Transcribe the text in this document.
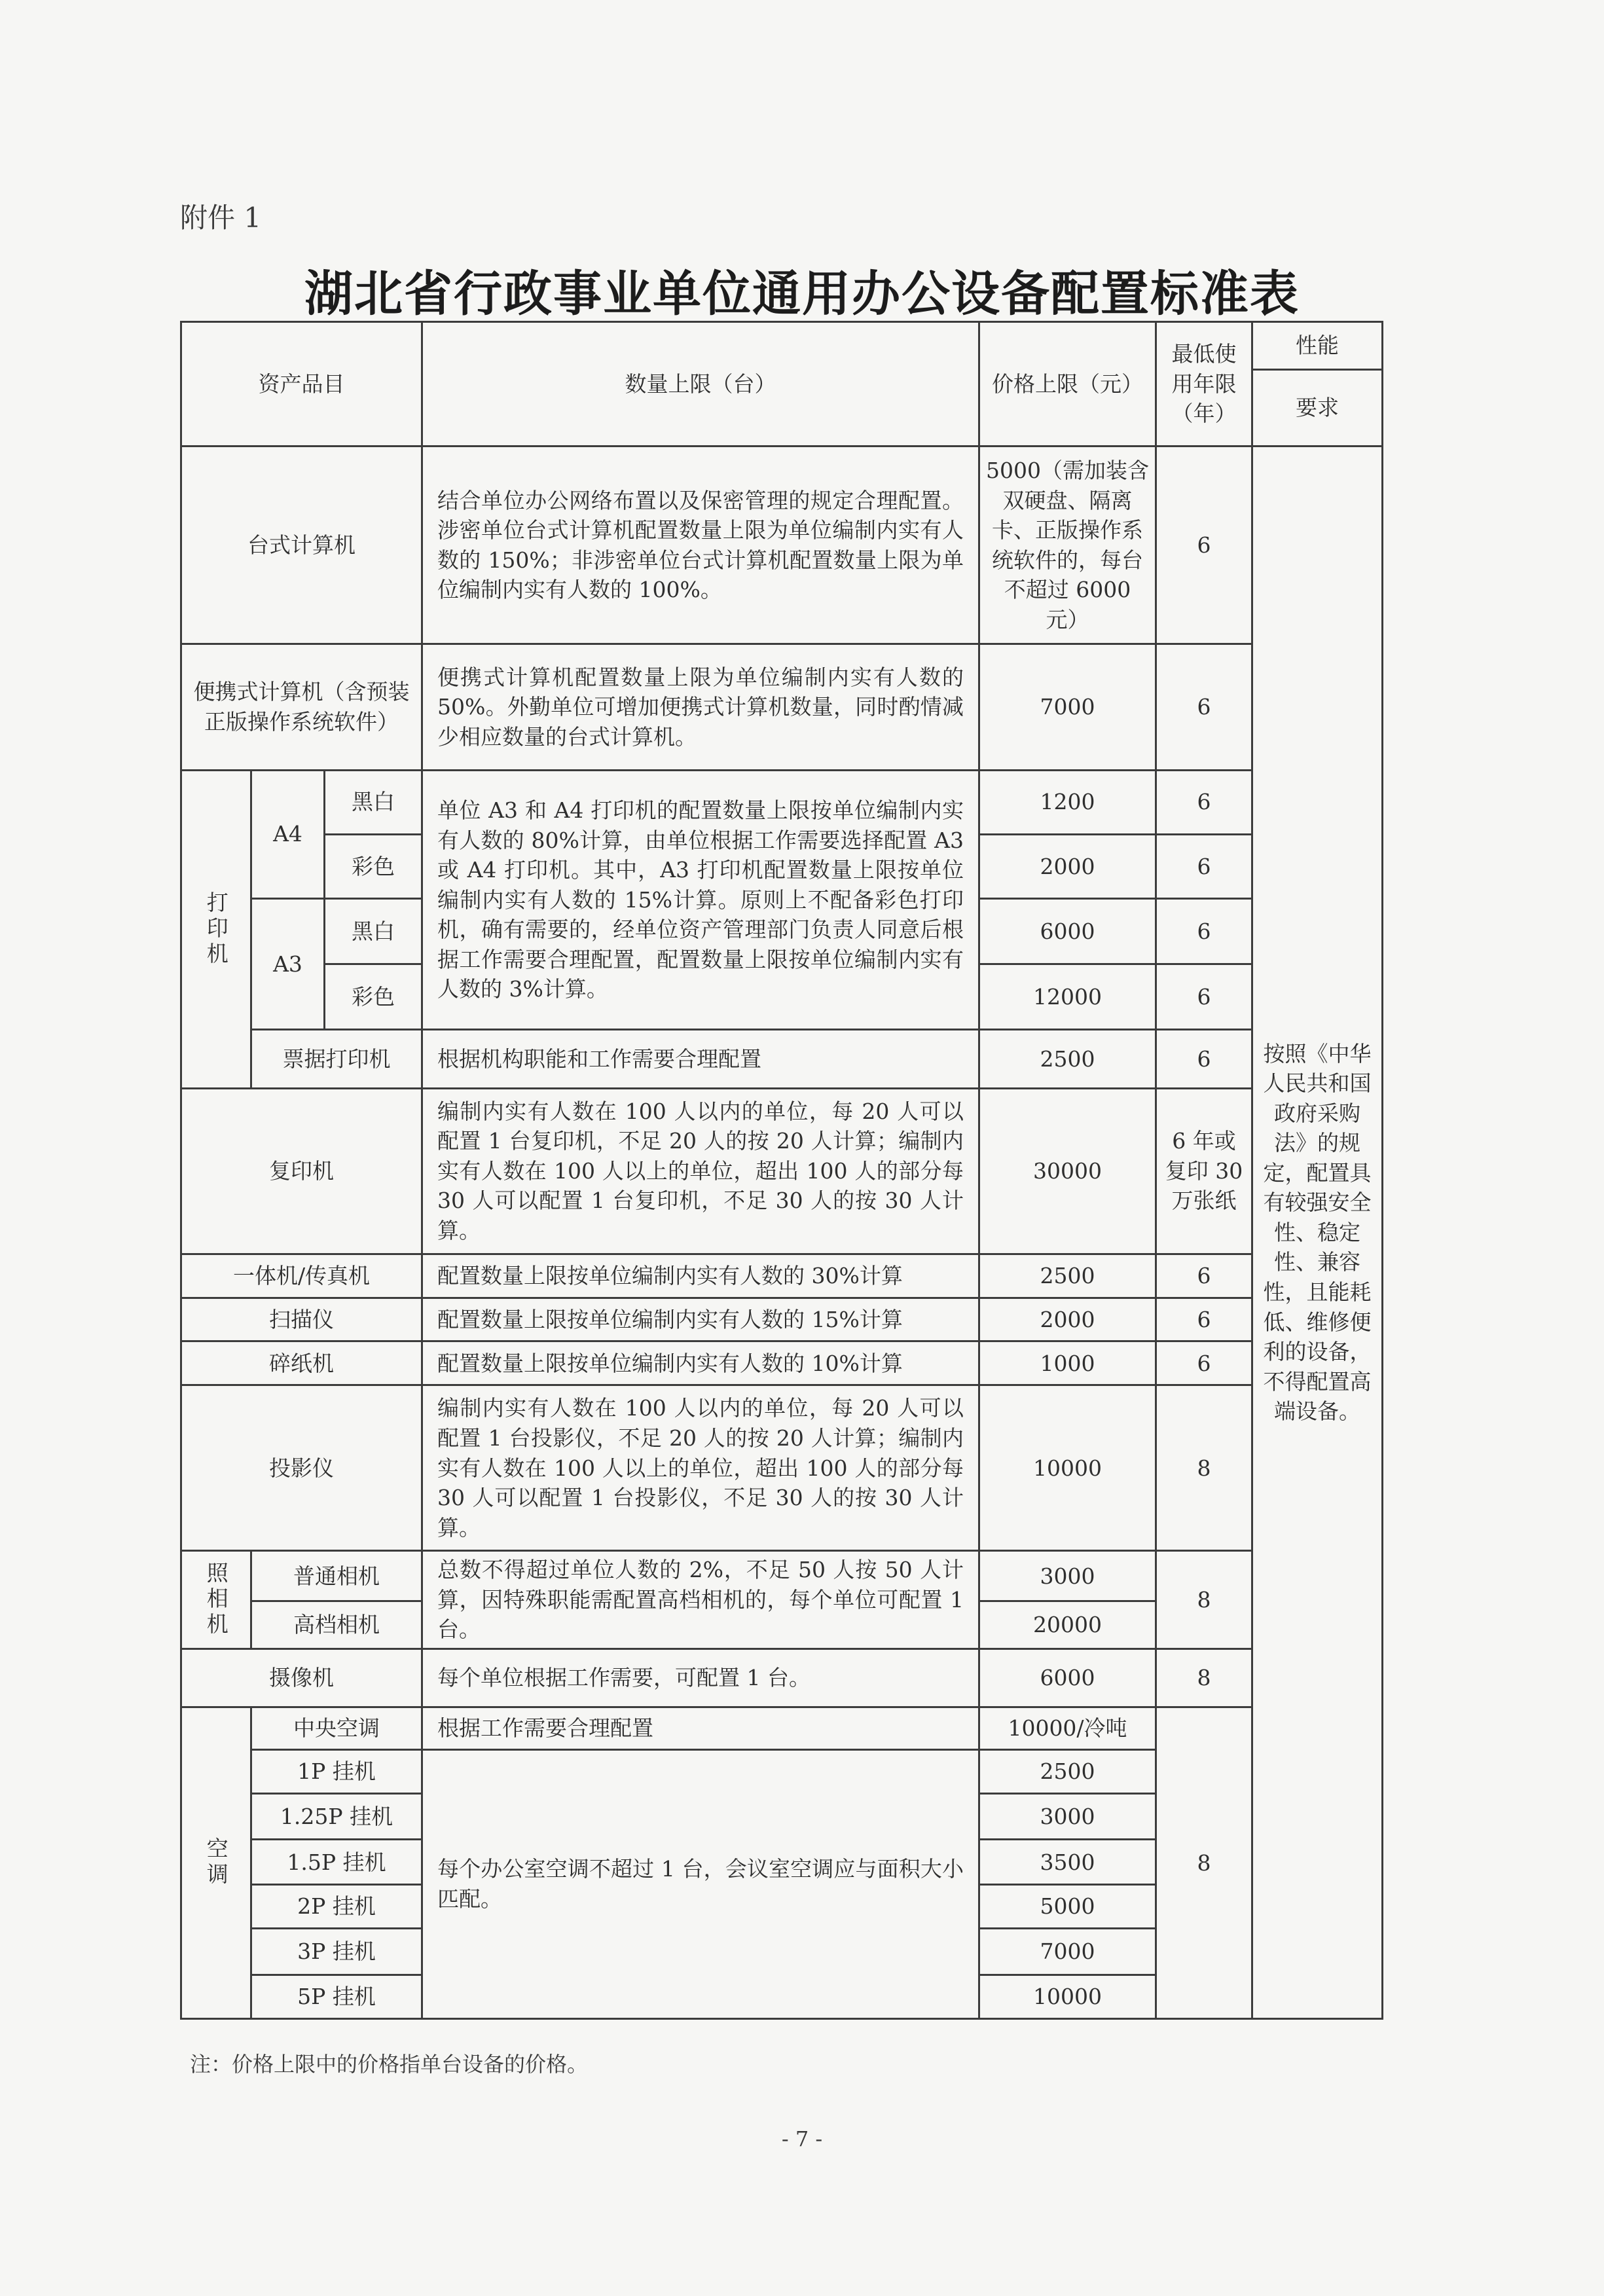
附件 1
湖北省行政事业单位通用办公设备配置标准表
资产品目			数量上限（台）	价格上限（元）	最低使用年限（年）	性能
						要求
台式计算机			结合单位办公网络布置以及保密管理的规定合理配置。涉密单位台式计算机配置数量上限为单位编制内实有人数的 150%；非涉密单位台式计算机配置数量上限为单位编制内实有人数的 100%。	5000（需加装含双硬盘、隔离卡、正版操作系统软件的，每台不超过 6000 元）	6	按照《中华人民共和国政府采购法》的规定，配置具有较强安全性、稳定性、兼容性，且能耗低、维修便利的设备，不得配置高端设备。
便携式计算机（含预装正版操作系统软件）			便携式计算机配置数量上限为单位编制内实有人数的 50%。外勤单位可增加便携式计算机数量，同时酌情减少相应数量的台式计算机。	7000	6	
打印机	A4	黑白	单位 A3 和 A4 打印机的配置数量上限按单位编制内实有人数的 80%计算，由单位根据工作需要选择配置 A3 或 A4 打印机。其中，A3 打印机配置数量上限按单位编制内实有人数的 15%计算。原则上不配备彩色打印机，确有需要的，经单位资产管理部门负责人同意后根据工作需要合理配置，配置数量上限按单位编制内实有人数的 3%计算。	1200	6	
		彩色		2000	6	
	A3	黑白		6000	6	
		彩色		12000	6	
	票据打印机		根据机构职能和工作需要合理配置	2500	6	
复印机			编制内实有人数在 100 人以内的单位，每 20 人可以配置 1 台复印机，不足 20 人的按 20 人计算；编制内实有人数在 100 人以上的单位，超出 100 人的部分每 30 人可以配置 1 台复印机，不足 30 人的按 30 人计算。	30000	6 年或复印 30 万张纸	
一体机/传真机			配置数量上限按单位编制内实有人数的 30%计算	2500	6	
扫描仪			配置数量上限按单位编制内实有人数的 15%计算	2000	6	
碎纸机			配置数量上限按单位编制内实有人数的 10%计算	1000	6	
投影仪			编制内实有人数在 100 人以内的单位，每 20 人可以配置 1 台投影仪，不足 20 人的按 20 人计算；编制内实有人数在 100 人以上的单位，超出 100 人的部分每 30 人可以配置 1 台投影仪，不足 30 人的按 30 人计算。	10000	8	
照相机	普通相机		总数不得超过单位人数的 2%，不足 50 人按 50 人计算，因特殊职能需配置高档相机的，每个单位可配置 1 台。	3000	8	
	高档相机			20000		
摄像机			每个单位根据工作需要，可配置 1 台。	6000	8	
空调	中央空调		根据工作需要合理配置	10000/冷吨	8	
	1P 挂机		每个办公室空调不超过 1 台，会议室空调应与面积大小匹配。	2500		
	1.25P 挂机			3000		
	1.5P 挂机			3500		
	2P 挂机			5000		
	3P 挂机			7000		
	5P 挂机			10000		
注：价格上限中的价格指单台设备的价格。
- 7 -
